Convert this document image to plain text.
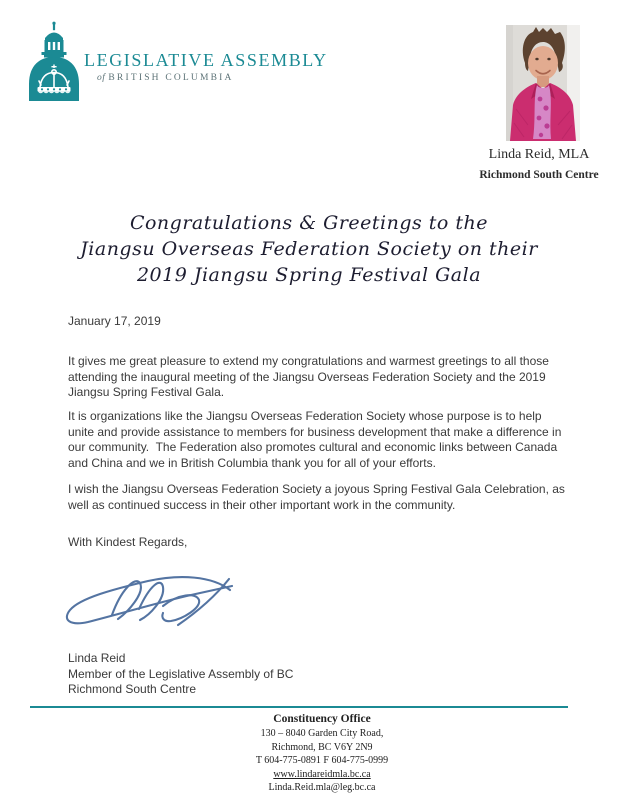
LEGISLATIVE ASSEMBLY
of BRITISH COLUMBIA
Linda Reid, MLA
Richmond South Centre
Congratulations & Greetings to the
Jiangsu Overseas Federation Society on their
2019 Jiangsu Spring Festival Gala
January 17, 2019

It gives me great pleasure to extend my congratulations and warmest greetings to all those attending the inaugural meeting of the Jiangsu Overseas Federation Society and the 2019 Jiangsu Spring Festival Gala.

It is organizations like the Jiangsu Overseas Federation Society whose purpose is to help unite and provide assistance to members for business development that make a difference in our community.  The Federation also promotes cultural and economic links between Canada and China and we in British Columbia thank you for all of your efforts.

I wish the Jiangsu Overseas Federation Society a joyous Spring Festival Gala Celebration, as well as continued success in their other important work in the community.

With Kindest Regards,
Linda Reid
Member of the Legislative Assembly of BC
Richmond South Centre
Constituency Office
130 – 8040 Garden City Road,
Richmond, BC V6Y 2N9
T 604-775-0891 F 604-775-0999
www.lindareidmla.bc.ca
Linda.Reid.mla@leg.bc.ca
